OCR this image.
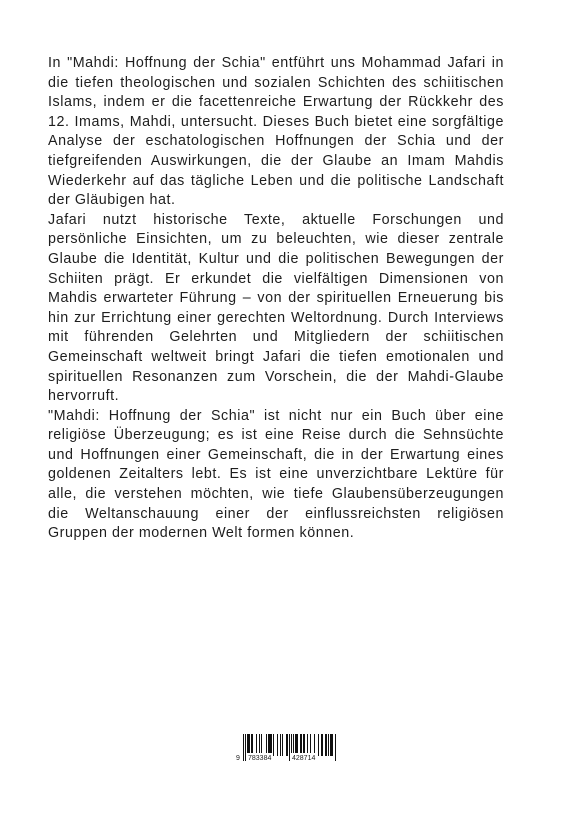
In "Mahdi: Hoffnung der Schia" entführt uns Mohammad Jafari in die tiefen theologischen und sozialen Schichten des schiitischen Islams, indem er die facettenreiche Erwartung der Rückkehr des 12. Imams, Mahdi, untersucht. Dieses Buch bietet eine sorgfältige Analyse der eschatologischen Hoffnungen der Schia und der tiefgreifenden Auswirkungen, die der Glaube an Imam Mahdis Wiederkehr auf das tägliche Leben und die politische Landschaft der Gläubigen hat.

Jafari nutzt historische Texte, aktuelle Forschungen und persönliche Einsichten, um zu beleuchten, wie dieser zentrale Glaube die Identität, Kultur und die politischen Bewegungen der Schiiten prägt. Er erkundet die vielfältigen Dimensionen von Mahdis erwarteter Führung – von der spirituellen Erneuerung bis hin zur Errichtung einer gerechten Weltordnung. Durch Interviews mit führenden Gelehrten und Mitgliedern der schiitischen Gemeinschaft weltweit bringt Jafari die tiefen emotionalen und spirituellen Resonanzen zum Vorschein, die der Mahdi-Glaube hervorruft.

"Mahdi: Hoffnung der Schia" ist nicht nur ein Buch über eine religiöse Überzeugung; es ist eine Reise durch die Sehnsüchte und Hoffnungen einer Gemeinschaft, die in der Erwartung eines goldenen Zeitalters lebt. Es ist eine unverzichtbare Lektüre für alle, die verstehen möchten, wie tiefe Glaubensüberzeugungen die Weltanschauung einer der einflussreichsten religiösen Gruppen der modernen Welt formen können.

9 783384	428714
